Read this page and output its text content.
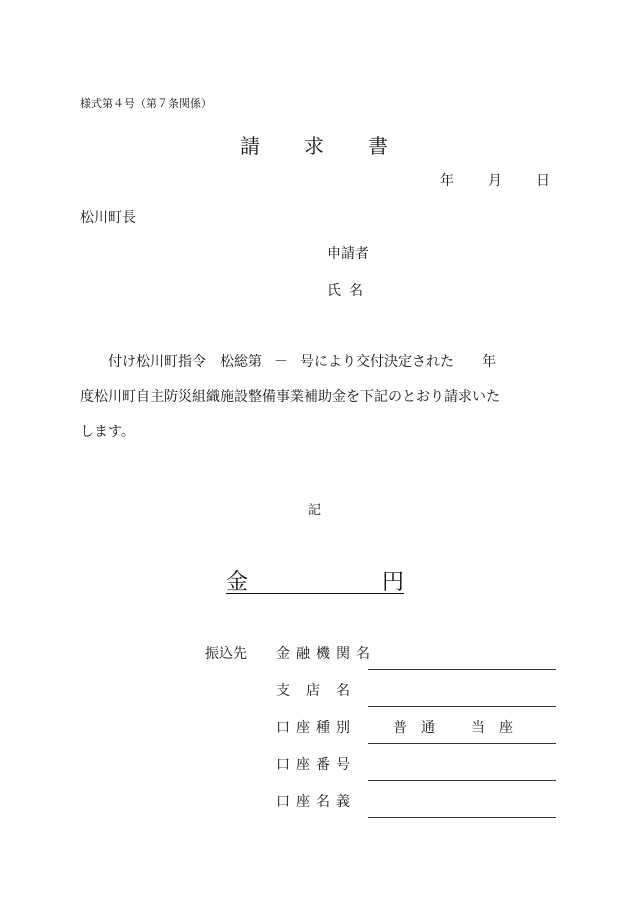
様式第４号（第７条関係）
請 求 書
年 月 日
松川町長
申請者
氏名
付け松川町指令 松総第 － 号により交付決定された 年
度松川町自主防災組織施設整備事業補助金を下記のとおり請求いた
します。
記
金	円
振込先 金融機関名
支店名
口座種別	普通 当座
口座番号
口座名義
